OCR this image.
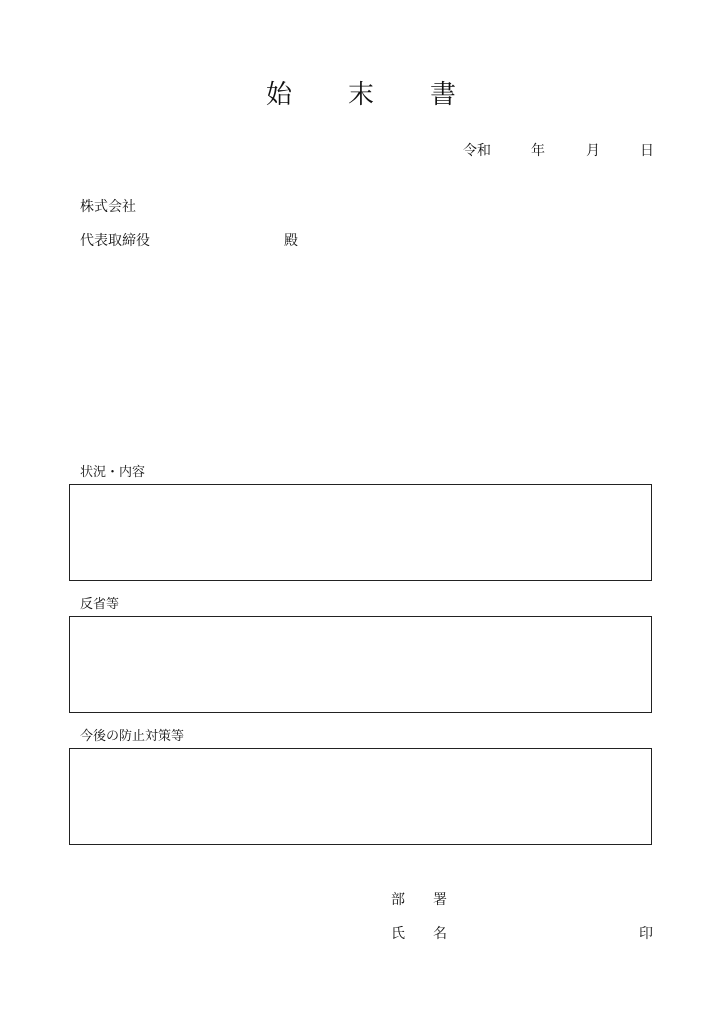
始 末 書
令和	年	月	日
株式会社
代表取締役	殿
状況・内容
反省等
今後の防止対策等
部 署
氏 名	印
